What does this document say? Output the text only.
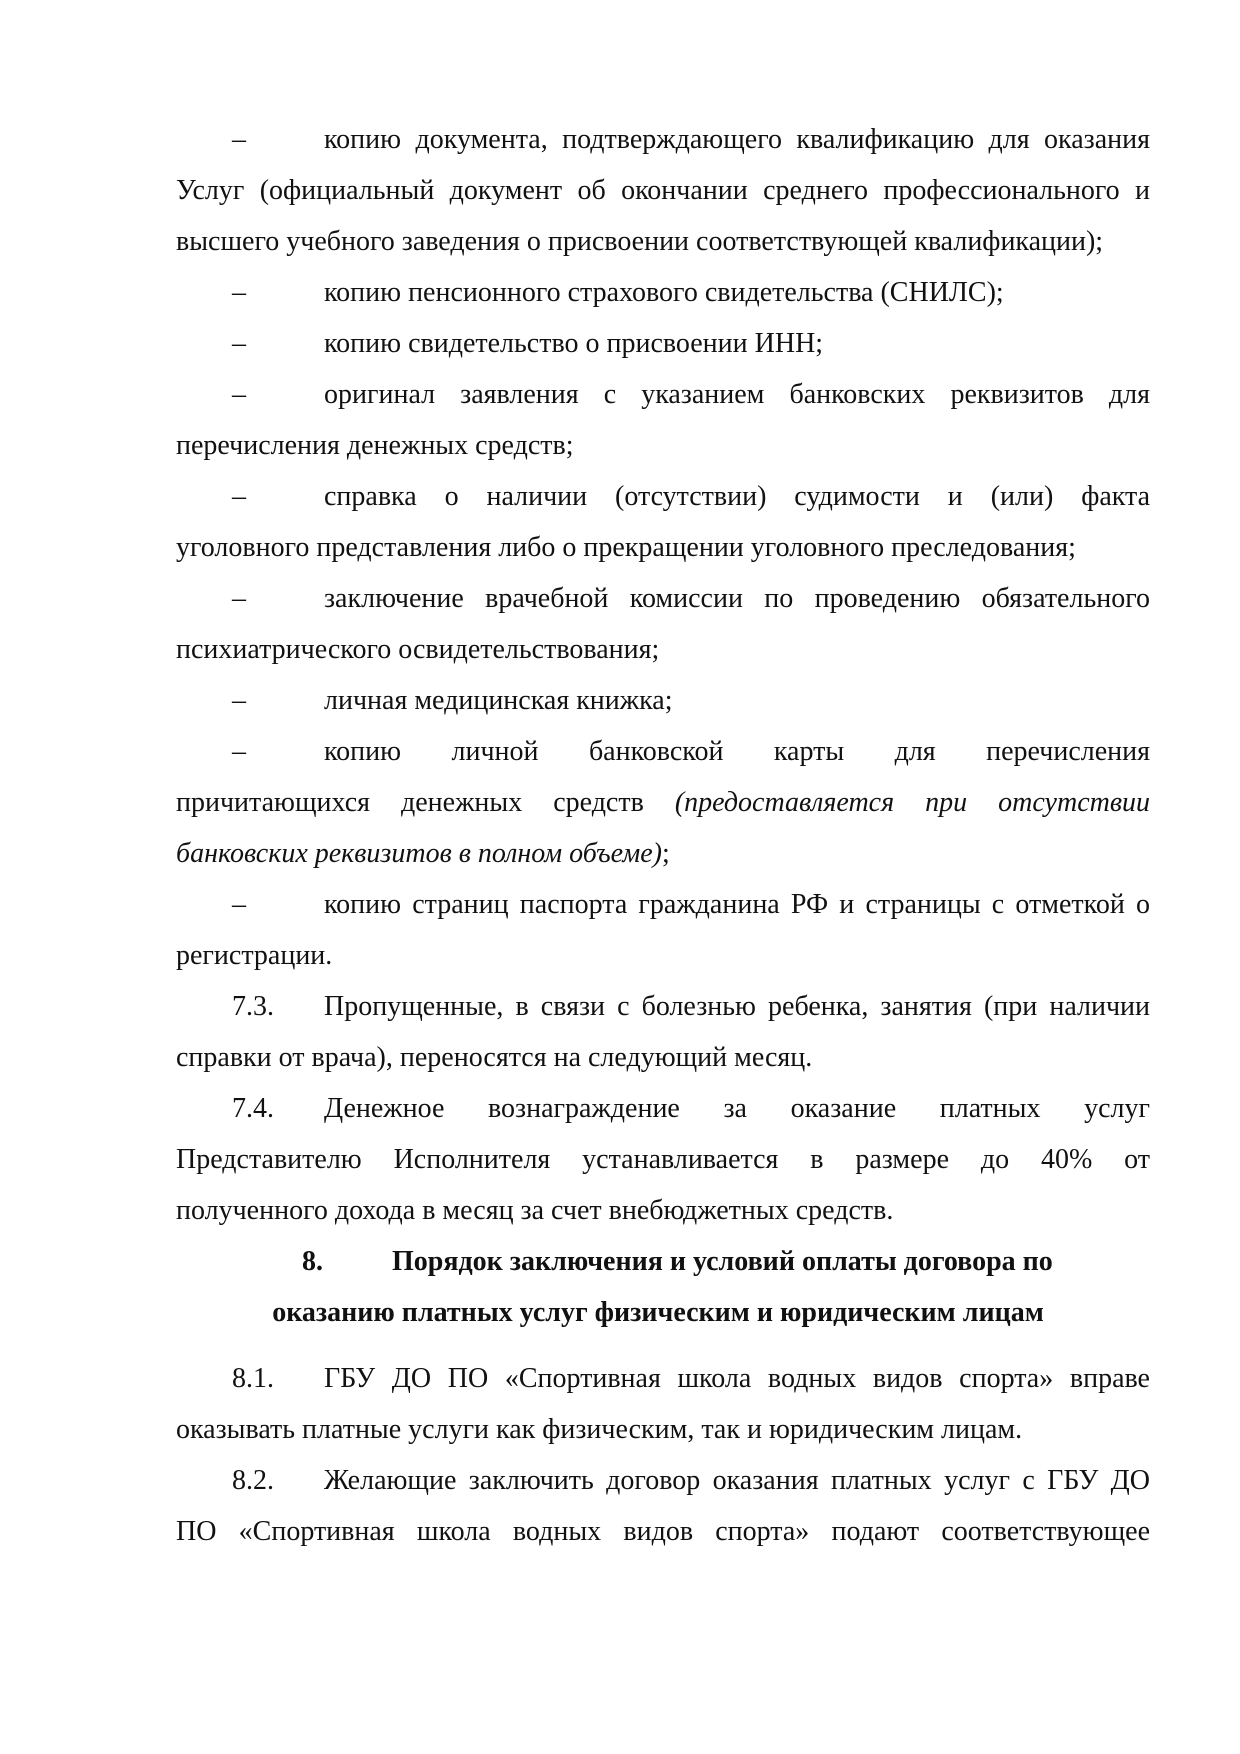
–	копию документа, подтверждающего квалификацию для оказания
Услуг (официальный документ об окончании среднего профессионального и
высшего учебного заведения о присвоении соответствующей квалификации);
–	копию пенсионного страхового свидетельства (СНИЛС);
–	копию свидетельство о присвоении ИНН;
–	оригинал заявления с указанием банковских реквизитов для
перечисления денежных средств;
–	справка о наличии (отсутствии) судимости и (или) факта
уголовного представления либо о прекращении уголовного преследования;
–	заключение врачебной комиссии по проведению обязательного
психиатрического освидетельствования;
–	личная медицинская книжка;
–	копию личной банковской карты для перечисления
причитающихся денежных средств (предоставляется при отсутствии
банковских реквизитов в полном объеме);
–	копию страниц паспорта гражданина РФ и страницы с отметкой о
регистрации.
7.3. Пропущенные, в связи с болезнью ребенка, занятия (при наличии
справки от врача), переносятся на следующий месяц.
7.4. Денежное вознаграждение за оказание платных услуг
Представителю Исполнителя устанавливается в размере до 40% от
полученного дохода в месяц за счет внебюджетных средств.
8. Порядок заключения и условий оплаты договора по
оказанию платных услуг физическим и юридическим лицам
8.1. ГБУ ДО ПО «Спортивная школа водных видов спорта» вправе
оказывать платные услуги как физическим, так и юридическим лицам.
8.2. Желающие заключить договор оказания платных услуг с ГБУ ДО
ПО «Спортивная школа водных видов спорта» подают соответствующее
